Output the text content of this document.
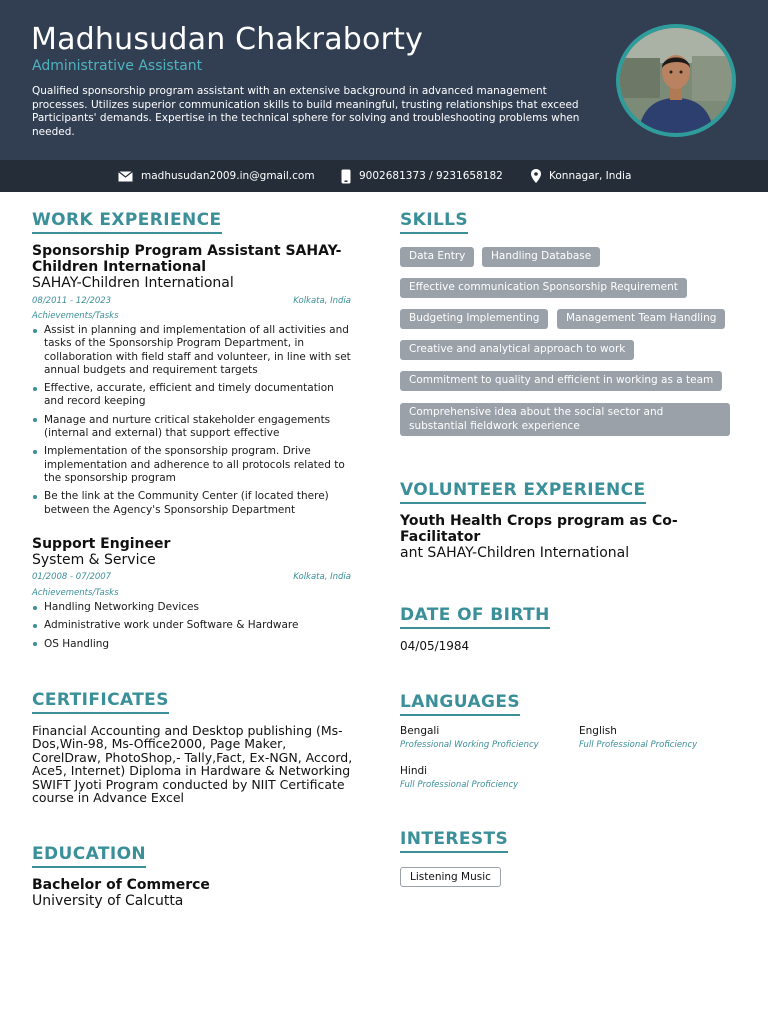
Madhusudan Chakraborty
Administrative Assistant
Qualified sponsorship program assistant with an extensive background in advanced management processes. Utilizes superior communication skills to build meaningful, trusting relationships that exceed Participants' demands. Expertise in the technical sphere for solving and troubleshooting problems when needed.
madhusudan2009.in@gmail.com	9002681373 / 9231658182	Konnagar, India
WORK EXPERIENCE
Sponsorship Program Assistant SAHAY-Children International
SAHAY-Children International
08/2011 - 12/2023	Kolkata, India
Achievements/Tasks
Assist in planning and implementation of all activities and tasks of the Sponsorship Program Department, in collaboration with field staff and volunteer, in line with set annual budgets and requirement targets
Effective, accurate, efficient and timely documentation and record keeping
Manage and nurture critical stakeholder engagements (internal and external) that support effective
Implementation of the sponsorship program. Drive implementation and adherence to all protocols related to the sponsorship program
Be the link at the Community Center (if located there) between the Agency's Sponsorship Department
Support Engineer
System & Service
01/2008 - 07/2007	Kolkata, India
Achievements/Tasks
Handling Networking Devices
Administrative work under Software & Hardware
OS Handling
CERTIFICATES
Financial Accounting and Desktop publishing (Ms-Dos,Win-98, Ms-Office2000, Page Maker, CorelDraw, PhotoShop,- Tally,Fact, Ex-NGN, Accord, Ace5, Internet) Diploma in Hardware & Networking SWIFT Jyoti Program conducted by NIIT Certificate course in Advance Excel
EDUCATION
Bachelor of Commerce
University of Calcutta
SKILLS
Data Entry	Handling Database
Effective communication Sponsorship Requirement
Budgeting Implementing	Management Team Handling
Creative and analytical approach to work
Commitment to quality and efficient in working as a team
Comprehensive idea about the social sector and substantial fieldwork experience
VOLUNTEER EXPERIENCE
Youth Health Crops program as Co-Facilitator
ant SAHAY-Children International
DATE OF BIRTH
04/05/1984
LANGUAGES
Bengali
Professional Working Proficiency
English
Full Professional Proficiency
Hindi
Full Professional Proficiency
INTERESTS
Listening Music
